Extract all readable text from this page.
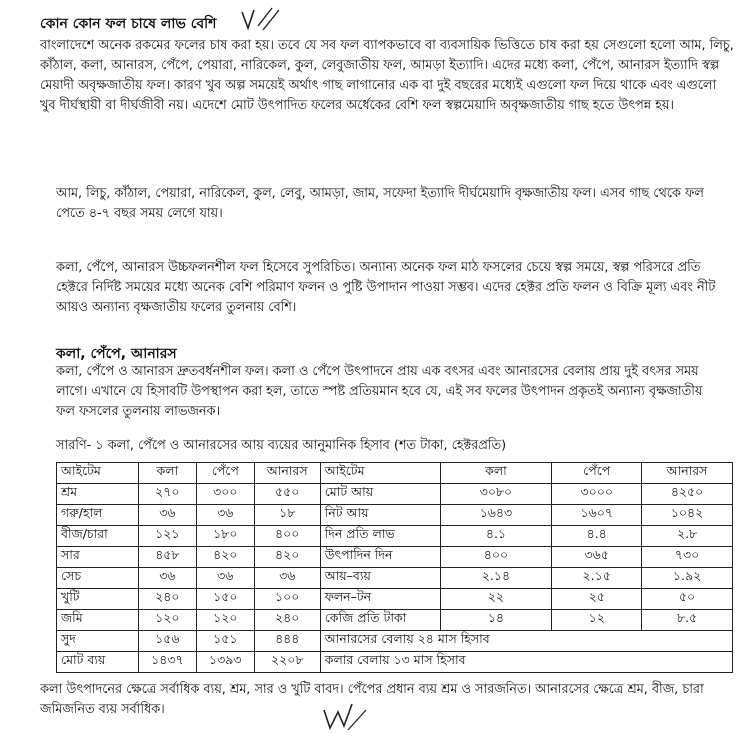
কোন কোন ফল চাষে লাভ বেশি

বাংলাদেশে অনেক রকমের ফলের চাষ করা হয়। তবে যে সব ফল ব্যাপকভাবে বা ব্যবসায়িক ভিত্তিতে চাষ করা হয় সেগুলো হলো আম, লিচু, কাঁঠাল, কলা, আনারস, পেঁপে, পেয়ারা, নারিকেল, কুল, লেবুজাতীয় ফল, আমড়া ইত্যাদি। এদের মধ্যে কলা, পেঁপে, আনারস ইত্যাদি স্বল্প মেয়াদী অবৃক্ষজাতীয় ফল। কারণ খুব অল্প সময়েই অর্থাৎ গাছ লাগানোর এক বা দুই বছরের মধ্যেই এগুলো ফল দিয়ে থাকে এবং এগুলো খুব দীর্ঘস্থায়ী বা দীর্ঘজীবী নয়। এদেশে মোট উৎপাদিত ফলের অর্ধেকের বেশি ফল স্বল্পমেয়াদি অবৃক্ষজাতীয় গাছ হতে উৎপন্ন হয়।

আম, লিচু, কাঁঠাল, পেয়ারা, নারিকেল, কুল, লেবু, আমড়া, জাম, সফেদা ইত্যাদি দীর্ঘমেয়াদি বৃক্ষজাতীয় ফল। এসব গাছ থেকে ফল পেতে ৪-৭ বছর সময় লেগে যায়।

কলা, পেঁপে, আনারস উচ্চফলনশীল ফল হিসেবে সুপরিচিত। অন্যান্য অনেক ফল মাঠ ফসলের চেয়ে স্বল্প সময়ে, স্বল্প পরিসরে প্রতি হেক্টরে নির্দিষ্ট সময়ের মধ্যে অনেক বেশি পরিমাণ ফলন ও পুষ্টি উপাদান পাওয়া সম্ভব। এদের হেক্টর প্রতি ফলন ও বিক্রি মূল্য এবং নীট আয়ও অন্যান্য বৃক্ষজাতীয় ফলের তুলনায় বেশি।

কলা, পেঁপে, আনারস

কলা, পেঁপে ও আনারস দ্রুতবর্ধনশীল ফল। কলা ও পেঁপে উৎপাদনে প্রায় এক বৎসর এবং আনারসের বেলায় প্রায় দুই বৎসর সময় লাগে। এখানে যে হিসাবটি উপস্থাপন করা হল, তাতে স্পষ্ট প্রতিয়মান হবে যে, এই সব ফলের উৎপাদন প্রকৃতই অন্যান্য বৃক্ষজাতীয় ফল ফসলের তুলনায় লাভজনক।

সারণি- ১ কলা, পেঁপে ও আনারসের আয় ব্যয়ের আনুমানিক হিসাব (শত টাকা, হেক্টরপ্রতি)
আইটেম	কলা	পেঁপে	আনারস	আইটেম	কলা	পেঁপে	আনারস
শ্রম	২৭০	৩০০	৫৫০	মোট আয়	৩০৮০	৩০০০	৪২৫০
গরু/হাল	৩৬	৩৬	১৮	নিট আয়	১৬৪৩	১৬০৭	১০৪২
বীজ/চারা	১২১	১৮০	৪০০	দিন প্রতি লাভ	৪.১	৪.৪	২.৮
সার	৪৫৮	৪২০	৪২০	উৎপাদিন দিন	৪০০	৩৬৫	৭৩০
সেচ	৩৬	৩৬	৩৬	আয়–ব্যয়	২.১৪	২.১৫	১.৯২
খুটি	২৪০	১৫০	১০০	ফলন–টন	২২	২৫	৫০
জমি	১২০	১২০	২৪০	কেজি প্রতি টাকা	১৪	১২	৮.৫
সুদ	১৫৬	১৫১	৪৪৪	আনারসের বেলায় ২৪ মাস হিসাব			
মোট ব্যয়	১৪৩৭	১৩৯৩	২২০৮	কলার বেলায় ১৩ মাস হিসাব			

কলা উৎপাদনের ক্ষেত্রে সর্বাধিক ব্যয়, শ্রম, সার ও খুটি বাবদ। পেঁপের প্রধান ব্যয় শ্রম ও সারজনিত। আনারসের ক্ষেত্রে শ্রম, বীজ, চারা জমিজনিত ব্যয় সর্বাধিক।
